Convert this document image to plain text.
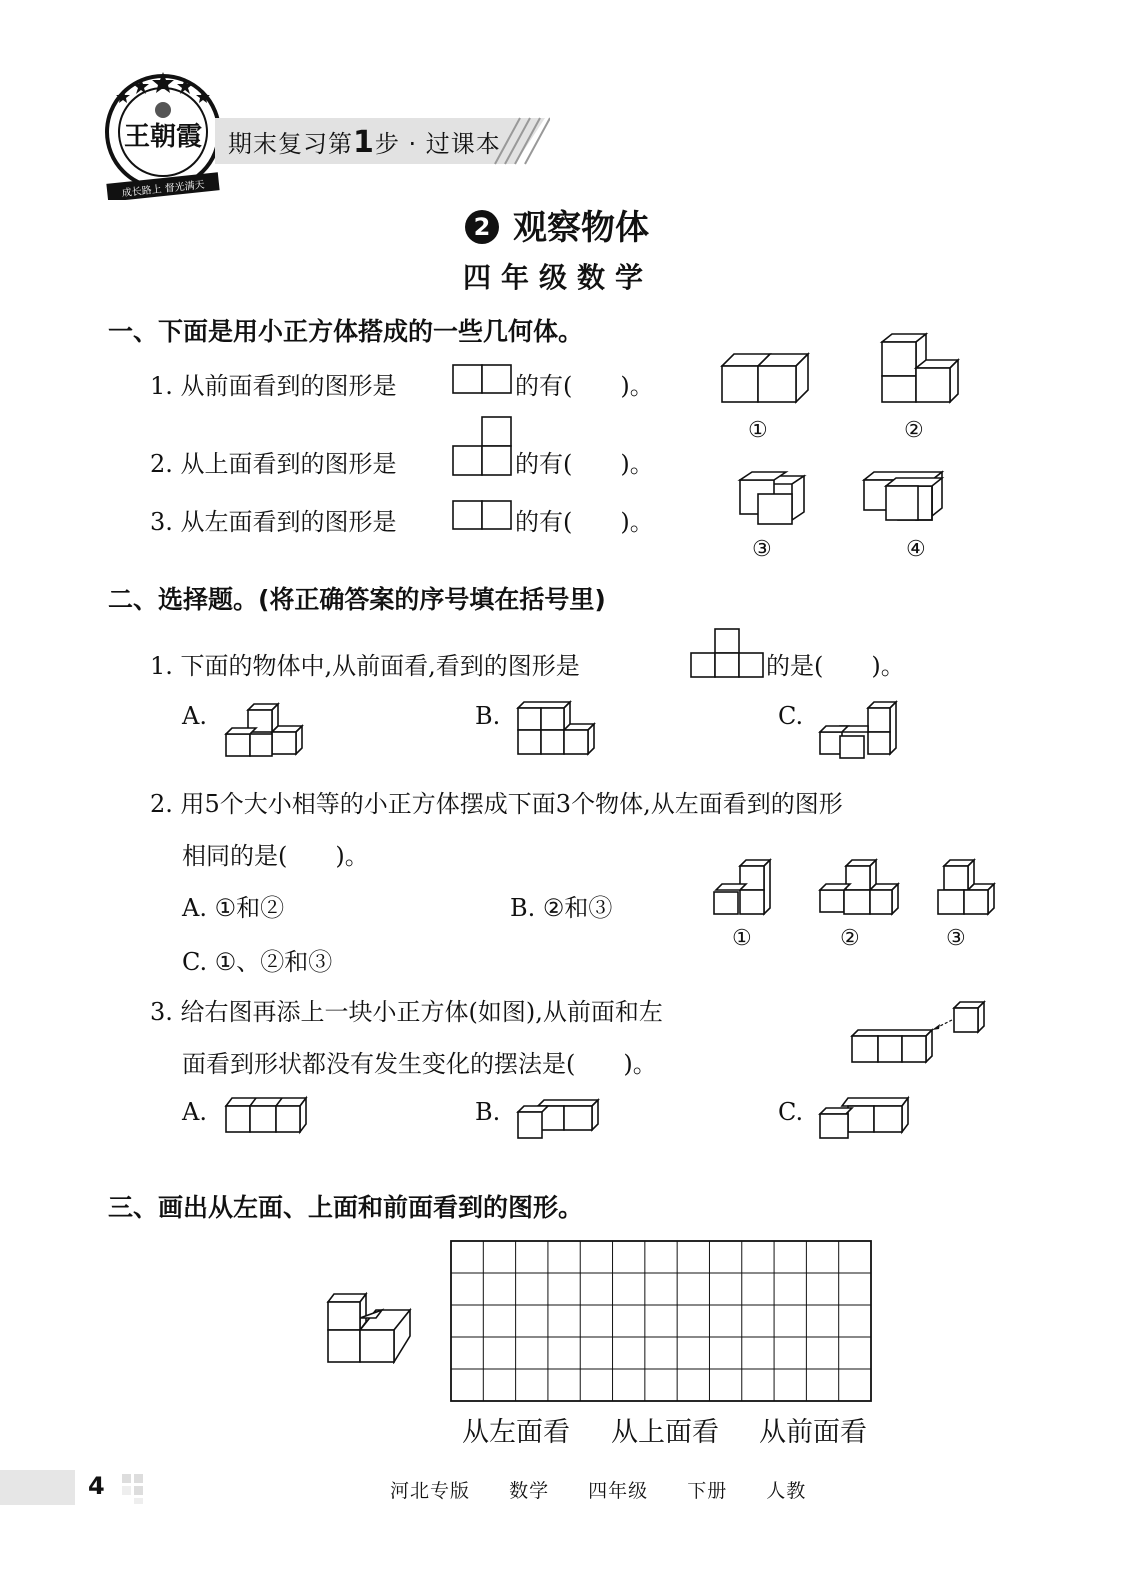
王朝霞
成长路上 督光满天
期末复习第1步 · 过课本
2 观察物体
四年级数学
一、下面是用小正方体搭成的一些几何体。
1. 从前面看到的图形是	的有(　　)。
2. 从上面看到的图形是	的有(　　)。
3. 从左面看到的图形是	的有(　　)。
①	②
③	④
二、选择题。(将正确答案的序号填在括号里)
1. 下面的物体中,从前面看,看到的图形是	的是(　　)。
A.	B.	C.
2. 用5个大小相等的小正方体摆成下面3个物体,从左面看到的图形
相同的是(　　)。
A. ①和②	B. ②和③
C. ①、②和③
①	②	③
3. 给右图再添上一块小正方体(如图),从前面和左
面看到形状都没有发生变化的摆法是(　　)。
A.	B.	C.
三、画出从左面、上面和前面看到的图形。
从左面看 从上面看 从前面看
4	河北专版 数学 四年级 下册 人教
